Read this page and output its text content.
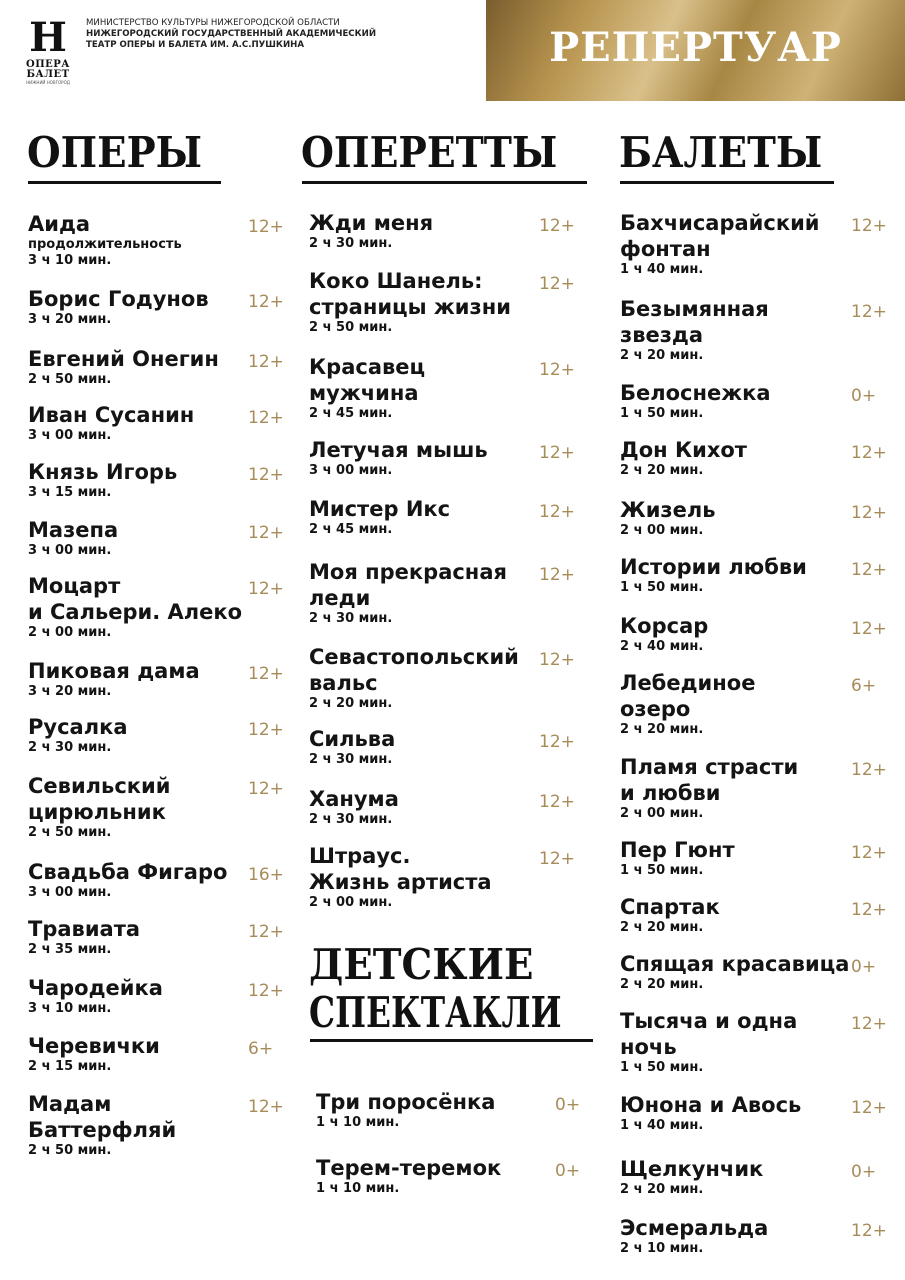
Н
ОПЕРА
БАЛЕТ
НИЖНИЙ НОВГОРОД
МИНИСТЕРСТВО КУЛЬТУРЫ НИЖЕГОРОДСКОЙ ОБЛАСТИ
НИЖЕГОРОДСКИЙ ГОСУДАРСТВЕННЫЙ АКАДЕМИЧЕСКИЙ
ТЕАТР ОПЕРЫ И БАЛЕТА ИМ. А.С.ПУШКИНА	РЕПЕРТУАР
ОПЕРЫ ОПЕРЕТТЫ БАЛЕТЫ
ДЕТСКИЕ
СПЕКТАКЛИ
Аида
продолжительность
3 ч 10 мин.
12+
Борис Годунов
3 ч 20 мин.
12+
Евгений Онегин
2 ч 50 мин.
12+
Иван Сусанин
3 ч 00 мин.
12+
Князь Игорь
3 ч 15 мин.
12+
Мазепа
3 ч 00 мин.
12+
Моцарт
и Сальери. Алеко
2 ч 00 мин.
12+
Пиковая дама
3 ч 20 мин.
12+
Русалка
2 ч 30 мин.
12+
Севильский
цирюльник
2 ч 50 мин.
12+
Свадьба Фигаро
3 ч 00 мин.
16+
Травиата
2 ч 35 мин.
12+
Чародейка
3 ч 10 мин.
12+
Черевички
2 ч 15 мин.
6+
Мадам
Баттерфляй
2 ч 50 мин.
12+
Жди меня
2 ч 30 мин.
12+
Коко Шанель:
страницы жизни
2 ч 50 мин.
12+
Красавец
мужчина
2 ч 45 мин.
12+
Летучая мышь
3 ч 00 мин.
12+
Мистер Икс
2 ч 45 мин.
12+
Моя прекрасная
леди
2 ч 30 мин.
12+
Севастопольский
вальс
2 ч 20 мин.
12+
Сильва
2 ч 30 мин.
12+
Ханума
2 ч 30 мин.
12+
Штраус.
Жизнь артиста
2 ч 00 мин.
12+
Три поросёнка
1 ч 10 мин.
0+
Терем-теремок
1 ч 10 мин.
0+
Бахчисарайский
фонтан
1 ч 40 мин.
12+
Безымянная
звезда
2 ч 20 мин.
12+
Белоснежка
1 ч 50 мин.
0+
Дон Кихот
2 ч 20 мин.
12+
Жизель
2 ч 00 мин.
12+
Истории любви
1 ч 50 мин.
12+
Корсар
2 ч 40 мин.
12+
Лебединое
озеро
2 ч 20 мин.
6+
Пламя страсти
и любви
2 ч 00 мин.
12+
Пер Гюнт
1 ч 50 мин.
12+
Спартак
2 ч 20 мин.
12+
Спящая красавица
2 ч 20 мин.
0+
Тысяча и одна
ночь
1 ч 50 мин.
12+
Юнона и Авось
1 ч 40 мин.
12+
Щелкунчик
2 ч 20 мин.
0+
Эсмеральда
2 ч 10 мин.
12+
